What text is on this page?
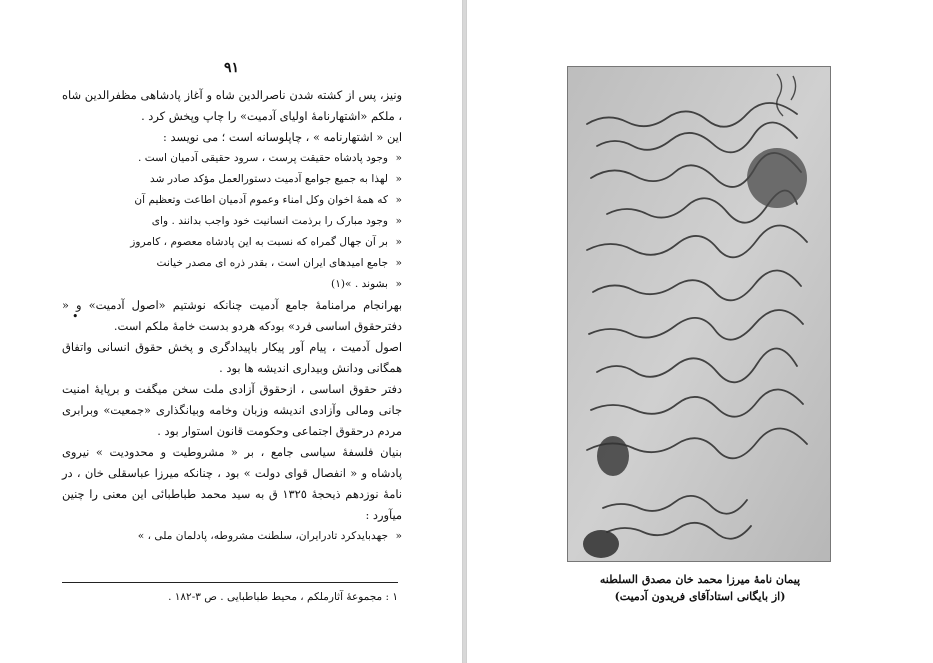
٩١

ونیز، پس از کشته شدن ناصرالدین شاه و آغاز پادشاهی مظفرالدین شاه ، ملکم «اشتهارنامهٔ اولیای آدمیت» را چاپ وپخش کرد .

این « اشتهارنامه » ، چاپلوسانه است ؛ می نویسد :

« وجود پادشاه حقیقت پرست ، سرود حقیقی آدمیان است .
« لهذا به جمیع جوامع آدمیت دستورالعمل مؤکد صادر شد
« که همهٔ اخوان وکل امناء وعموم آدمیان اطاعت وتعظیم آن
« وجود مبارک را برذمت انسانیت خود واجب بدانند . وای
« بر آن جهال گمراه که نسبت به این پادشاه معصوم ، کامروز
« جامع امیدهای ایران است ، بقدر ذره ای مصدر خیانت
« بشوند . »(١)

بهرانجام مرامنامهٔ جامع آدمیت چنانکه نوشتیم «اصول آدمیت» و « دفترحقوق اساسی فرد» بودکه هردو بدست خامهٔ ملکم است.

اصول آدمیت ، پیام آور پیکار باپیدادگری و پخش حقوق انسانی واتفاق همگانی ودانش وبیداری اندیشه ها بود .

دفتر حقوق اساسی ، ازحقوق آزادی ملت سخن میگفت و برپایهٔ امنیت جانی ومالی وآزادی اندیشه وزبان وخامه وبیانگذاری «جمعیت» وبرابری مردم درحقوق اجتماعی وحکومت قانون استوار بود .

بنیان فلسفهٔ سیاسی جامع ، بر « مشروطیت و محدودیت » نیروی پادشاه و « انفصال قوای دولت » بود ، چنانکه میرزا عباسقلی خان ، در نامهٔ نوزدهم ذیحجهٔ ١٣٢٥ ق به سید محمد طباطبائی این معنی را چنین میآورد :

« جهدبایدکرد تادرایران، سلطنت مشروطه، پادلمان ملی ، »
•
١ : مجموعهٔ آثارملکم ، محیط طباطبایی . ص ٣-١٨٢ .
پیمان نامهٔ میرزا محمد خان مصدق السلطنه
(از بایگانی استادآقای فریدون آدمیت)
